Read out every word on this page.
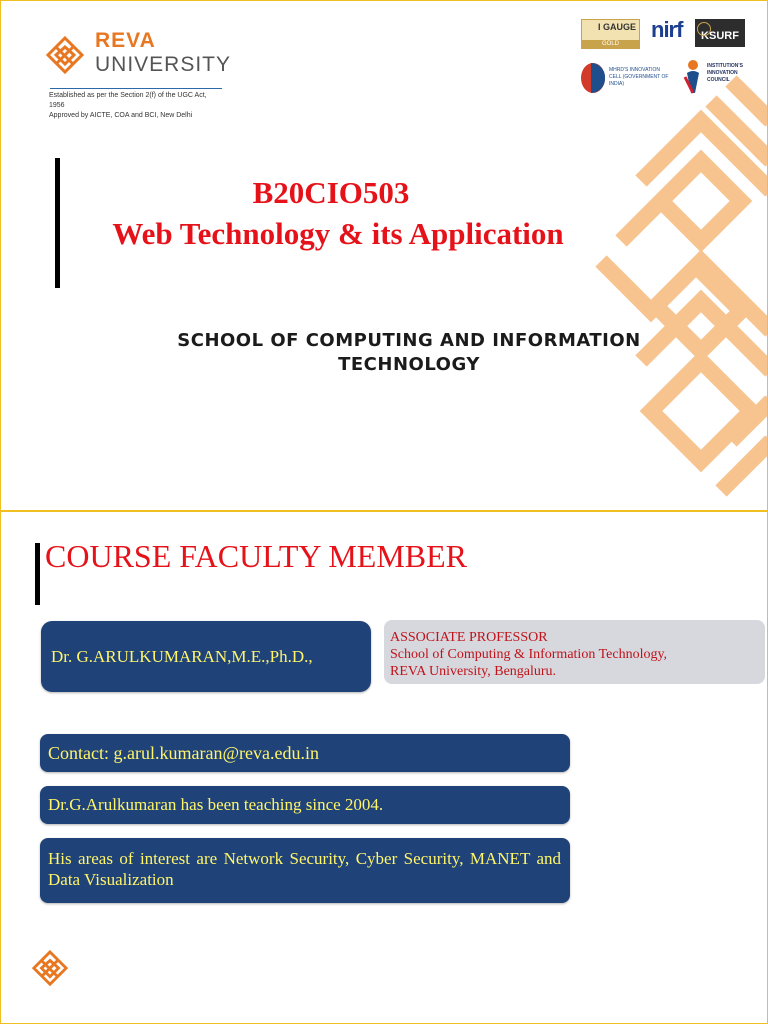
REVA
UNIVERSITY
Established as per the Section 2(f) of the UGC Act,
1956
Approved by AICTE, COA and BCI, New Delhi
I GAUGE
GOLD
nirf	KSURF
MHRD'S INNOVATION CELL (GOVERNMENT OF INDIA)
INSTITUTION'S INNOVATION COUNCIL
B20CIO503
Web Technology & its Application
SCHOOL OF COMPUTING AND INFORMATION
TECHNOLOGY
COURSE FACULTY MEMBER
Dr. G.ARULKUMARAN,M.E.,Ph.D.,
ASSOCIATE PROFESSOR
School of Computing & Information Technology,
REVA University, Bengaluru.
Contact: g.arul.kumaran@reva.edu.in
Dr.G.Arulkumaran has been teaching since 2004.
His areas of interest are Network Security, Cyber Security, MANET and Data Visualization
